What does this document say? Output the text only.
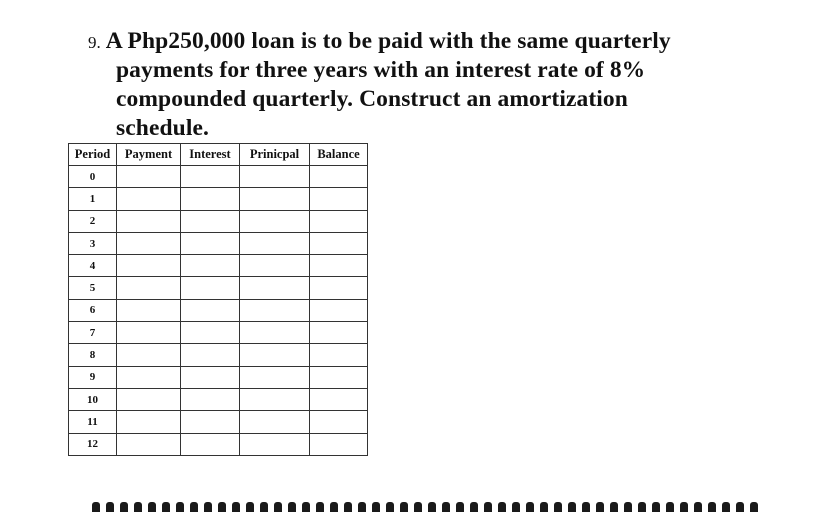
9. A Php250,000 loan is to be paid with the same quarterly
payments for three years with an interest rate of 8%
compounded quarterly. Construct an amortization
schedule.
Period	Payment	Interest	Prinicpal	Balance
0				
1				
2				
3				
4				
5				
6				
7				
8				
9				
10				
11				
12				
